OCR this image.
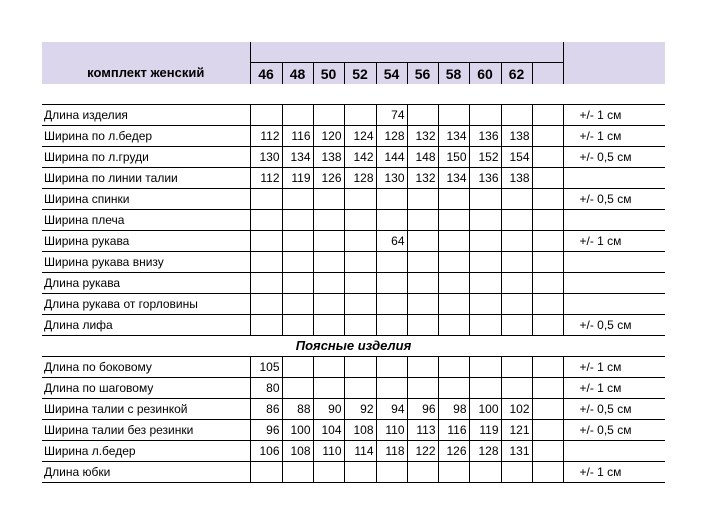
комплект женский	46	48	50	52	54	56	58	60	62		

Длина изделия					74						+/- 1 см
Ширина по л.бедер	112	116	120	124	128	132	134	136	138		+/- 1 см
Ширина по л.груди	130	134	138	142	144	148	150	152	154		+/- 0,5 см
Ширина по линии талии	112	119	126	128	130	132	134	136	138		
Ширина спинки											+/- 0,5 см
Ширина плеча											
Ширина рукава					64						+/- 1 см
Ширина рукава внизу											
Длина рукава											
Длина рукава от горловины											
Длина лифа											+/- 0,5 см
Поясные изделия											
Длина по боковому	105										+/- 1 см
Длина по шаговому	80										+/- 1 см
Ширина талии с резинкой	86	88	90	92	94	96	98	100	102		+/- 0,5 см
Ширина талии без резинки	96	100	104	108	110	113	116	119	121		+/- 0,5 см
Ширина л.бедер	106	108	110	114	118	122	126	128	131		
Длина юбки											+/- 1 см
